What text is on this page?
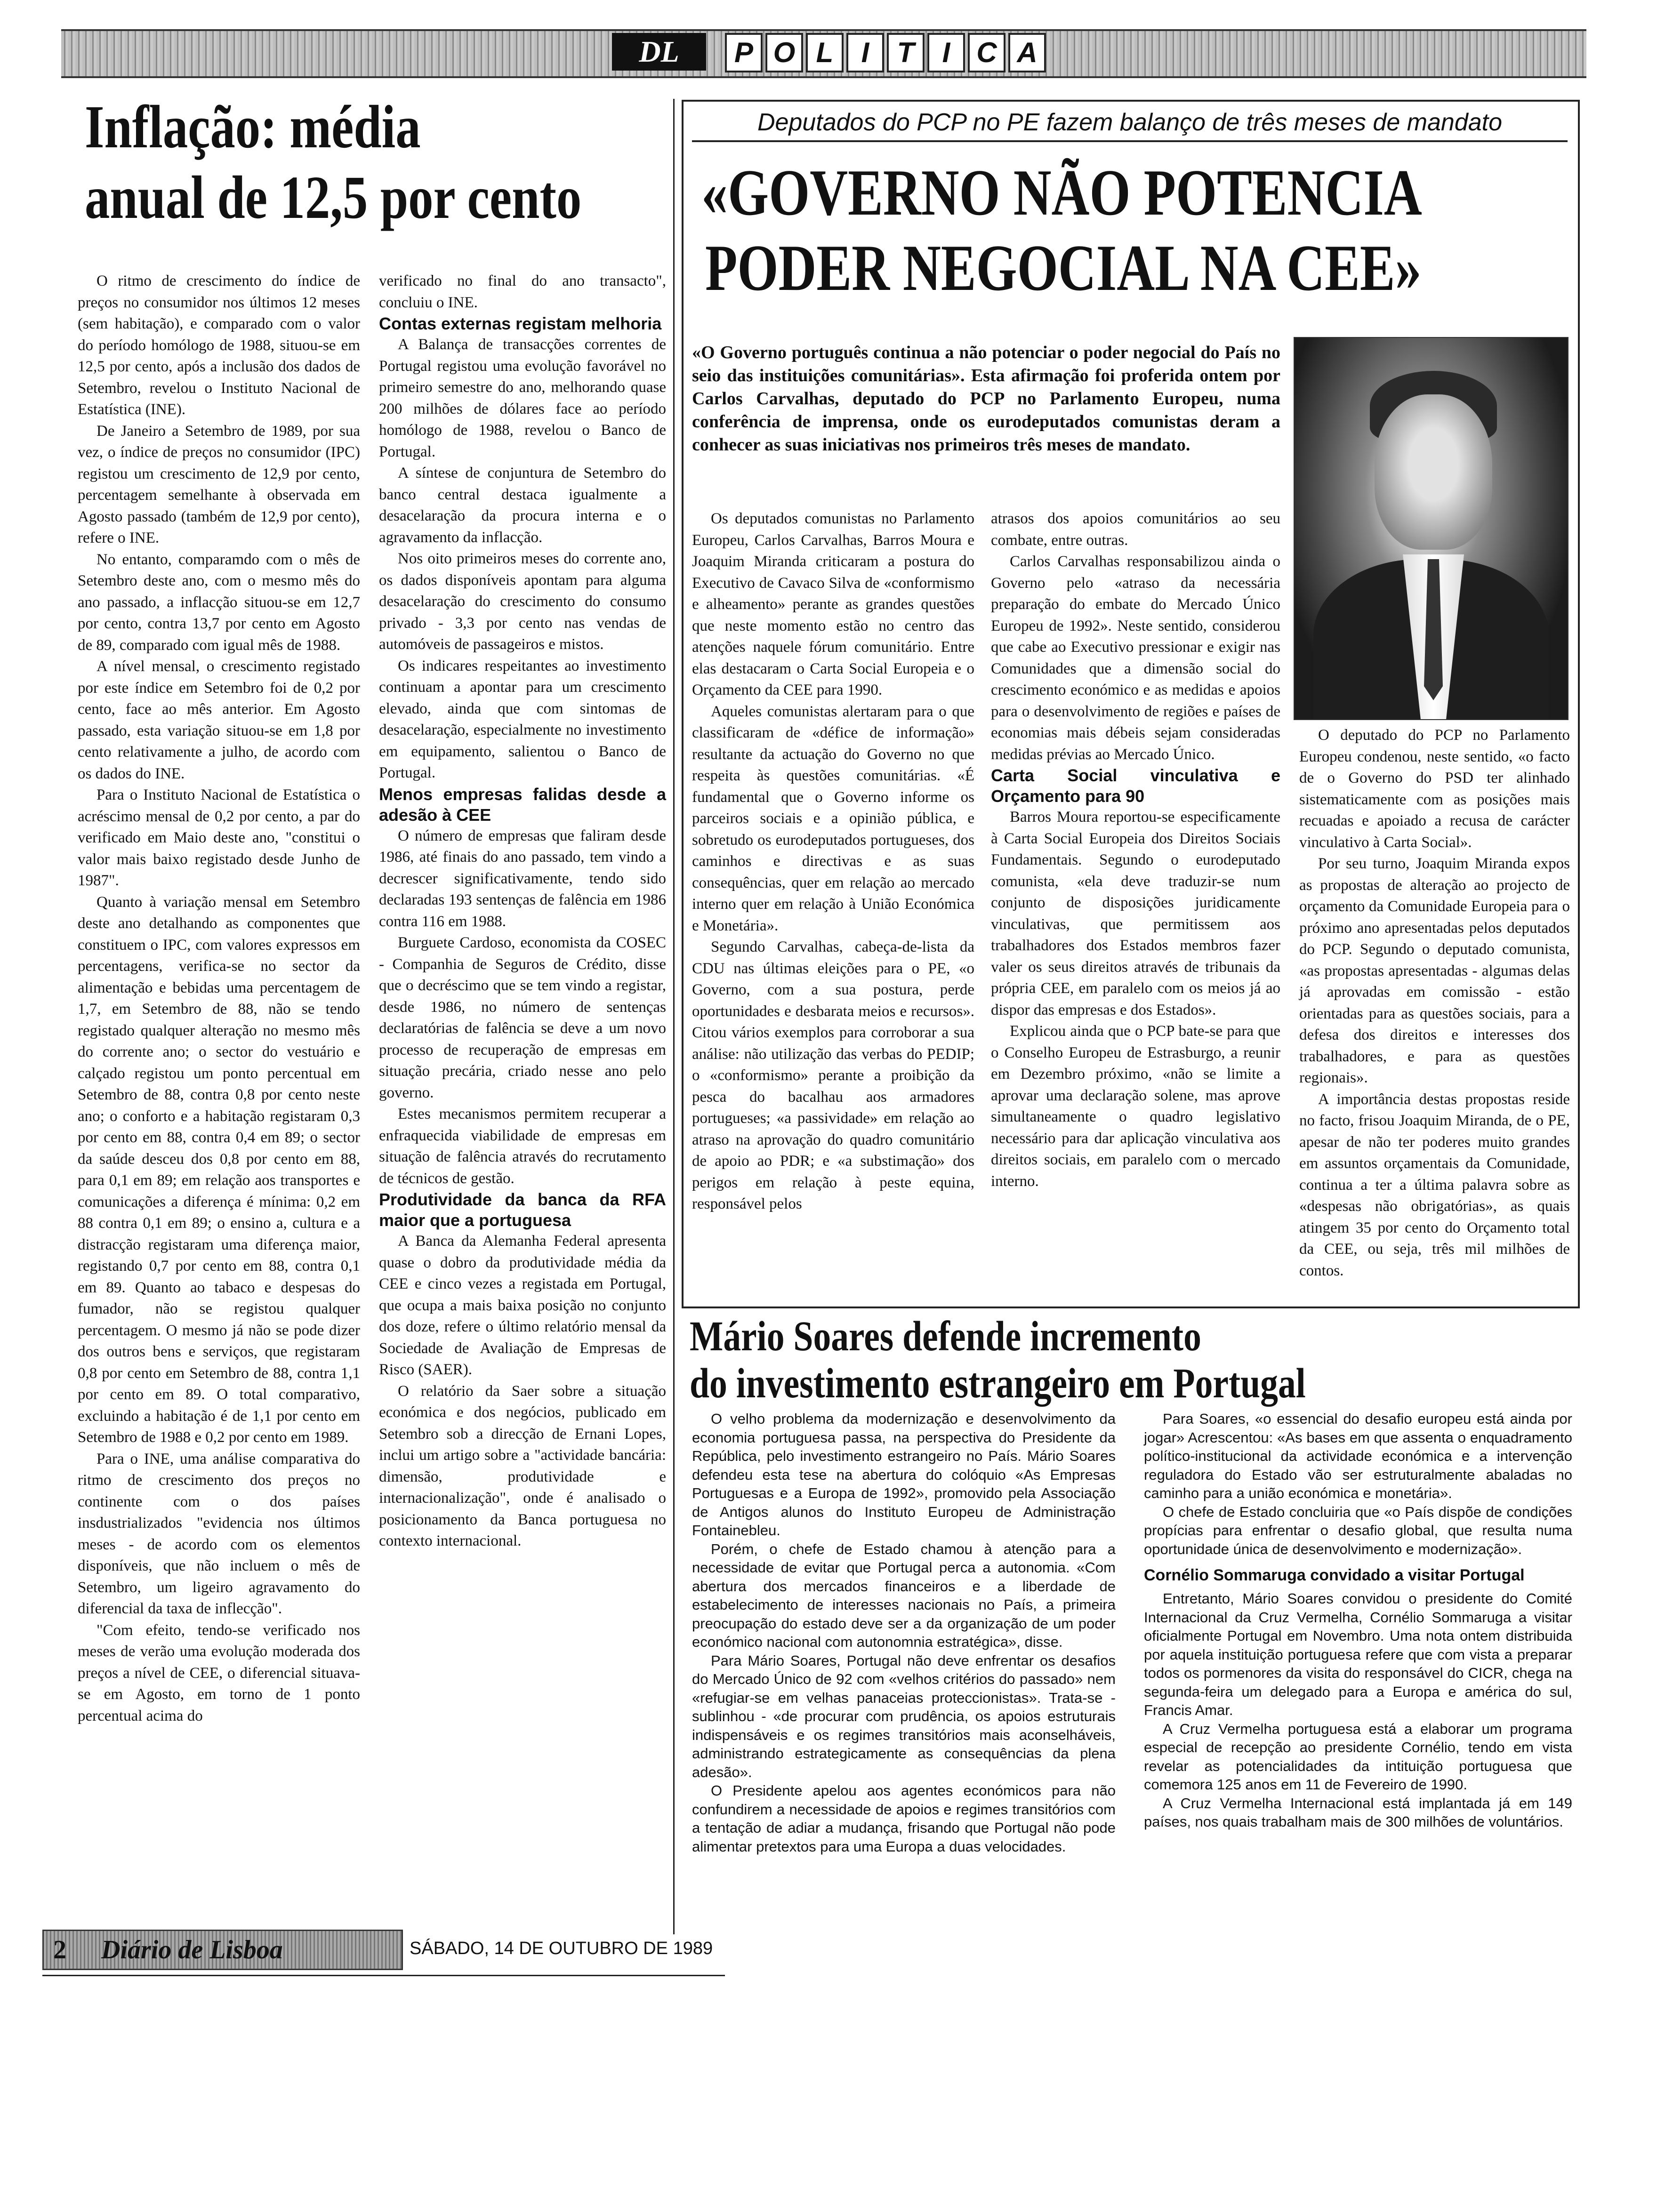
DL	P O L I T I C A
Inflação: média
anual de 12,5 por cento

O ritmo de crescimento do índice de preços no consumidor nos últimos 12 meses (sem habitação), e comparado com o valor do período homólogo de 1988, situou-se em 12,5 por cento, após a inclusão dos dados de Setembro, revelou o Instituto Nacional de Estatística (INE).

De Janeiro a Setembro de 1989, por sua vez, o índice de preços no consumidor (IPC) registou um crescimento de 12,9 por cento, percentagem semelhante à observada em Agosto passado (também de 12,9 por cento), refere o INE.

No entanto, comparamdo com o mês de Setembro deste ano, com o mesmo mês do ano passado, a inflacção situou-se em 12,7 por cento, contra 13,7 por cento em Agosto de 89, comparado com igual mês de 1988.

A nível mensal, o crescimento registado por este índice em Setembro foi de 0,2 por cento, face ao mês anterior. Em Agosto passado, esta variação situou-se em 1,8 por cento relativamente a julho, de acordo com os dados do INE.

Para o Instituto Nacional de Estatística o acréscimo mensal de 0,2 por cento, a par do verificado em Maio deste ano, "constitui o valor mais baixo registado desde Junho de 1987".

Quanto à variação mensal em Setembro deste ano detalhando as componentes que constituem o IPC, com valores expressos em percentagens, verifica-se no sector da alimentação e bebidas uma percentagem de 1,7, em Setembro de 88, não se tendo registado qualquer alteração no mesmo mês do corrente ano; o sector do vestuário e calçado registou um ponto percentual em Setembro de 88, contra 0,8 por cento neste ano; o conforto e a habitação registaram 0,3 por cento em 88, contra 0,4 em 89; o sector da saúde desceu dos 0,8 por cento em 88, para 0,1 em 89; em relação aos transportes e comunicações a diferença é mínima: 0,2 em 88 contra 0,1 em 89; o ensino a, cultura e a distracção registaram uma diferença maior, registando 0,7 por cento em 88, contra 0,1 em 89. Quanto ao tabaco e despesas do fumador, não se registou qualquer percentagem. O mesmo já não se pode dizer dos outros bens e serviços, que registaram 0,8 por cento em Setembro de 88, contra 1,1 por cento em 89. O total comparativo, excluindo a habitação é de 1,1 por cento em Setembro de 1988 e 0,2 por cento em 1989.

Para o INE, uma análise comparativa do ritmo de crescimento dos preços no continente com o dos países insdustrializados "evidencia nos últimos meses - de acordo com os elementos disponíveis, que não incluem o mês de Setembro, um ligeiro agravamento do diferencial da taxa de inflecção".

"Com efeito, tendo-se verificado nos meses de verão uma evolução moderada dos preços a nível de CEE, o diferencial situava-se em Agosto, em torno de 1 ponto percentual acima do

verificado no final do ano transacto", concluiu o INE.

Contas externas registam melhoria

A Balança de transacções correntes de Portugal registou uma evolução favorável no primeiro semestre do ano, melhorando quase 200 milhões de dólares face ao período homólogo de 1988, revelou o Banco de Portugal.

A síntese de conjuntura de Setembro do banco central destaca igualmente a desacelaração da procura interna e o agravamento da inflacção.

Nos oito primeiros meses do corrente ano, os dados disponíveis apontam para alguma desacelaração do crescimento do consumo privado - 3,3 por cento nas vendas de automóveis de passageiros e mistos.

Os indicares respeitantes ao investimento continuam a apontar para um crescimento elevado, ainda que com sintomas de desacelaração, especialmente no investimento em equipamento, salientou o Banco de Portugal.

Menos empresas falidas desde a adesão à CEE

O número de empresas que faliram desde 1986, até finais do ano passado, tem vindo a decrescer significativamente, tendo sido declaradas 193 sentenças de falência em 1986 contra 116 em 1988.

Burguete Cardoso, economista da COSEC - Companhia de Seguros de Crédito, disse que o decréscimo que se tem vindo a registar, desde 1986, no número de sentenças declaratórias de falência se deve a um novo processo de recuperação de empresas em situação precária, criado nesse ano pelo governo.

Estes mecanismos permitem recuperar a enfraquecida viabilidade de empresas em situação de falência através do recrutamento de técnicos de gestão.

Produtividade da banca da RFA maior que a portuguesa

A Banca da Alemanha Federal apresenta quase o dobro da produtividade média da CEE e cinco vezes a registada em Portugal, que ocupa a mais baixa posição no conjunto dos doze, refere o último relatório mensal da Sociedade de Avaliação de Empresas de Risco (SAER).

O relatório da Saer sobre a situação económica e dos negócios, publicado em Setembro sob a direcção de Ernani Lopes, inclui um artigo sobre a "actividade bancária: dimensão, produtividade e internacionalização", onde é analisado o posicionamento da Banca portuguesa no contexto internacional.

Deputados do PCP no PE fazem balanço de três meses de mandato
«GOVERNO NÃO POTENCIA
PODER NEGOCIAL NA CEE»
«O Governo português continua a não potenciar o poder negocial do País no seio das instituições comunitárias». Esta afirmação foi proferida ontem por Carlos Carvalhas, deputado do PCP no Parlamento Europeu, numa conferência de imprensa, onde os eurodeputados comunistas deram a conhecer as suas iniciativas nos primeiros três meses de mandato.

Os deputados comunistas no Parlamento Europeu, Carlos Carvalhas, Barros Moura e Joaquim Miranda criticaram a postura do Executivo de Cavaco Silva de «conformismo e alheamento» perante as grandes questões que neste momento estão no centro das atenções naquele fórum comunitário. Entre elas destacaram o Carta Social Europeia e o Orçamento da CEE para 1990.

Aqueles comunistas alertaram para o que classificaram de «défice de informação» resultante da actuação do Governo no que respeita às questões comunitárias. «É fundamental que o Governo informe os parceiros sociais e a opinião pública, e sobretudo os eurodeputados portugueses, dos caminhos e directivas e as suas consequências, quer em relação ao mercado interno quer em relação à União Económica e Monetária».

Segundo Carvalhas, cabeça-de-lista da CDU nas últimas eleições para o PE, «o Governo, com a sua postura, perde oportunidades e desbarata meios e recursos». Citou vários exemplos para corroborar a sua análise: não utilização das verbas do PEDIP; o «conformismo» perante a proibição da pesca do bacalhau aos armadores portugueses; «a passividade» em relação ao atraso na aprovação do quadro comunitário de apoio ao PDR; e «a substimação» dos perigos em relação à peste equina, responsável pelos

atrasos dos apoios comunitários ao seu combate, entre outras.

Carlos Carvalhas responsabilizou ainda o Governo pelo «atraso da necessária preparação do embate do Mercado Único Europeu de 1992». Neste sentido, considerou que cabe ao Executivo pressionar e exigir nas Comunidades que a dimensão social do crescimento económico e as medidas e apoios para o desenvolvimento de regiões e países de economias mais débeis sejam consideradas medidas prévias ao Mercado Único.

Carta Social vinculativa e Orçamento para 90

Barros Moura reportou-se especificamente à Carta Social Europeia dos Direitos Sociais Fundamentais. Segundo o eurodeputado comunista, «ela deve traduzir-se num conjunto de disposições juridicamente vinculativas, que permitissem aos trabalhadores dos Estados membros fazer valer os seus direitos através de tribunais da própria CEE, em paralelo com os meios já ao dispor das empresas e dos Estados».

Explicou ainda que o PCP bate-se para que o Conselho Europeu de Estrasburgo, a reunir em Dezembro próximo, «não se limite a aprovar uma declaração solene, mas aprove simultaneamente o quadro legislativo necessário para dar aplicação vinculativa aos direitos sociais, em paralelo com o mercado interno.

O deputado do PCP no Parlamento Europeu condenou, neste sentido, «o facto de o Governo do PSD ter alinhado sistematicamente com as posições mais recuadas e apoiado a recusa de carácter vinculativo à Carta Social».

Por seu turno, Joaquim Miranda expos as propostas de alteração ao projecto de orçamento da Comunidade Europeia para o próximo ano apresentadas pelos deputados do PCP. Segundo o deputado comunista, «as propostas apresentadas - algumas delas já aprovadas em comissão - estão orientadas para as questões sociais, para a defesa dos direitos e interesses dos trabalhadores, e para as questões regionais».

A importância destas propostas reside no facto, frisou Joaquim Miranda, de o PE, apesar de não ter poderes muito grandes em assuntos orçamentais da Comunidade, continua a ter a última palavra sobre as «despesas não obrigatórias», as quais atingem 35 por cento do Orçamento total da CEE, ou seja, três mil milhões de contos.

Mário Soares defende incremento
do investimento estrangeiro em Portugal

O velho problema da modernização e desenvolvimento da economia portuguesa passa, na perspectiva do Presidente da República, pelo investimento estrangeiro no País. Mário Soares defendeu esta tese na abertura do colóquio «As Empresas Portuguesas e a Europa de 1992», promovido pela Associação de Antigos alunos do Instituto Europeu de Administração Fontainebleu.

Porém, o chefe de Estado chamou à atenção para a necessidade de evitar que Portugal perca a autonomia. «Com abertura dos mercados financeiros e a liberdade de estabelecimento de interesses nacionais no País, a primeira preocupação do estado deve ser a da organização de um poder económico nacional com autonomnia estratégica», disse.

Para Mário Soares, Portugal não deve enfrentar os desafios do Mercado Único de 92 com «velhos critérios do passado» nem «refugiar-se em velhas panaceias proteccionistas». Trata-se - sublinhou - «de procurar com prudência, os apoios estruturais indispensáveis e os regimes transitórios mais aconselháveis, administrando estrategicamente as consequências da plena adesão».

O Presidente apelou aos agentes económicos para não confundirem a necessidade de apoios e regimes transitórios com a tentação de adiar a mudança, frisando que Portugal não pode alimentar pretextos para uma Europa a duas velocidades.

Para Soares, «o essencial do desafio europeu está ainda por jogar» Acrescentou: «As bases em que assenta o enquadramento político-institucional da actividade económica e a intervenção reguladora do Estado vão ser estruturalmente abaladas no caminho para a união económica e monetária».

O chefe de Estado concluiria que «o País dispõe de condições propícias para enfrentar o desafio global, que resulta numa oportunidade única de desenvolvimento e modernização».

Cornélio Sommaruga convidado a visitar Portugal

Entretanto, Mário Soares convidou o presidente do Comité Internacional da Cruz Vermelha, Cornélio Sommaruga a visitar oficialmente Portugal em Novembro. Uma nota ontem distribuida por aquela instituição portuguesa refere que com vista a preparar todos os pormenores da visita do responsável do CICR, chega na segunda-feira um delegado para a Europa e américa do sul, Francis Amar.

A Cruz Vermelha portuguesa está a elaborar um programa especial de recepção ao presidente Cornélio, tendo em vista revelar as potencialidades da intituição portuguesa que comemora 125 anos em 11 de Fevereiro de 1990.

A Cruz Vermelha Internacional está implantada já em 149 países, nos quais trabalham mais de 300 milhões de voluntários.

2 Diário de Lisboa	SÁBADO, 14 DE OUTUBRO DE 1989
